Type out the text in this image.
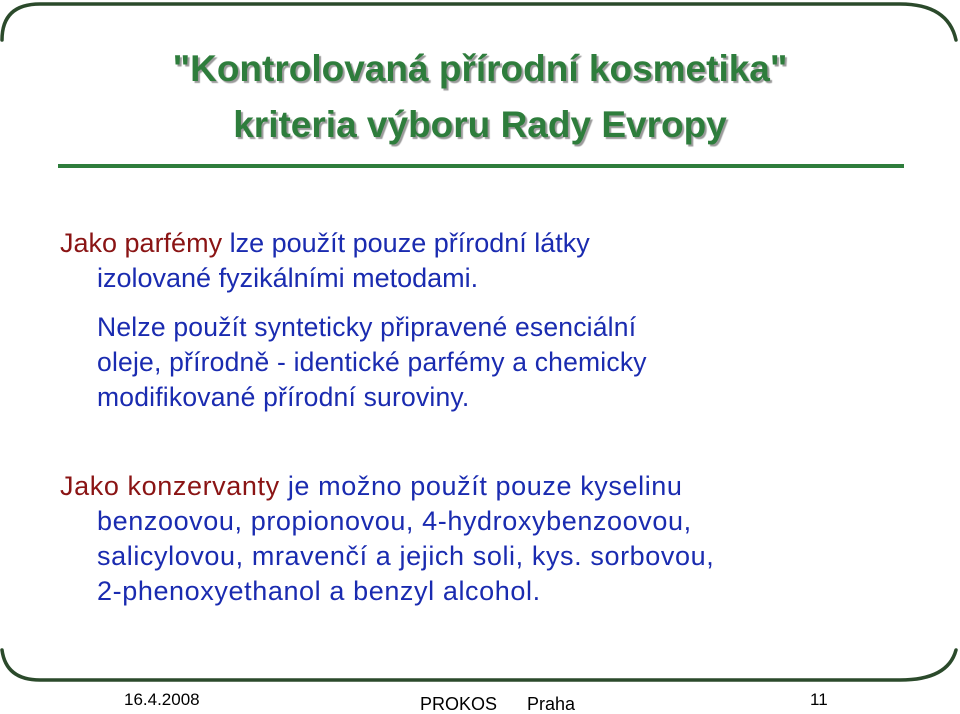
"Kontrolovaná přírodní kosmetika"
kriteria výboru Rady Evropy
Jako parfémy lze použít pouze přírodní látky
izolované fyzikálními metodami.
Nelze použít synteticky připravené esenciální
oleje, přírodně - identické parfémy a chemicky
modifikované přírodní suroviny.
Jako konzervanty je možno použít pouze kyselinu
benzoovou, propionovou, 4-hydroxybenzoovou,
salicylovou, mravenčí a jejich soli, kys. sorbovou,
2-phenoxyethanol a benzyl alcohol.
16.4.2008	PROKOS Praha	11
